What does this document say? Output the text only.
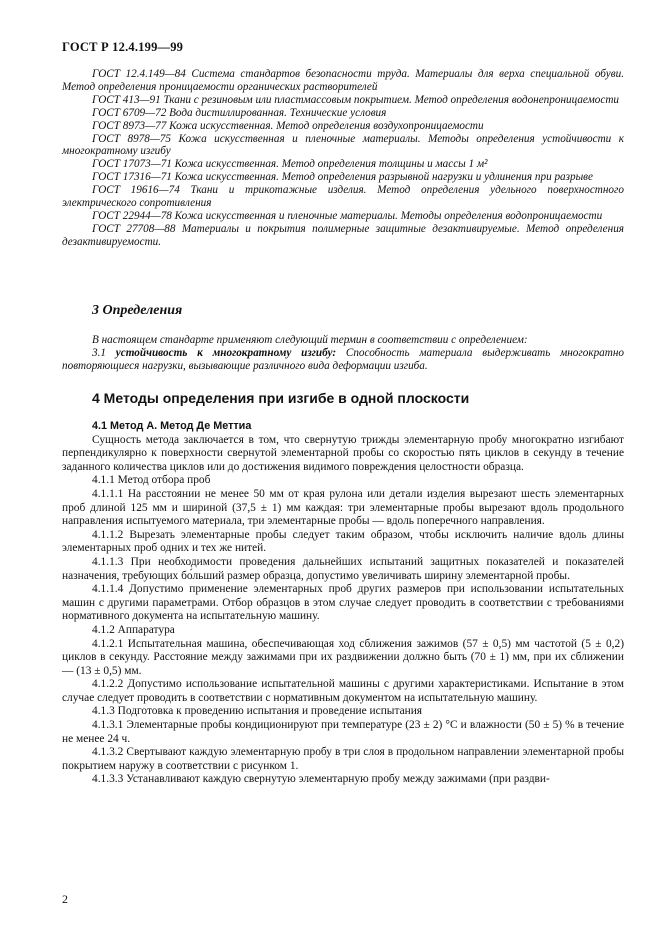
ГОСТ Р 12.4.199—99

ГОСТ 12.4.149—84 Система стандартов безопасности труда. Материалы для верха специальной обуви. Метод определения проницаемости органических растворителей

ГОСТ 413—91 Ткани с резиновым или пластмассовым покрытием. Метод определения водонепроницаемости

ГОСТ 6709—72 Вода дистиллированная. Технические условия

ГОСТ 8973—77 Кожа искусственная. Метод определения воздухопроницаемости

ГОСТ 8978—75 Кожа искусственная и пленочные материалы. Методы определения устойчивости к многократному изгибу

ГОСТ 17073—71 Кожа искусственная. Метод определения толщины и массы 1 м²

ГОСТ 17316—71 Кожа искусственная. Метод определения разрывной нагрузки и удлинения при разрыве

ГОСТ 19616—74 Ткани и трикотажные изделия. Метод определения удельного поверхностного электрического сопротивления

ГОСТ 22944—78 Кожа искусственная и пленочные материалы. Методы определения водопроницаемости

ГОСТ 27708—88 Материалы и покрытия полимерные защитные дезактивируемые. Метод определения дезактивируемости.

3 Определения

В настоящем стандарте применяют следующий термин в соответствии с определением:

3.1 устойчивость к многократному изгибу: Способность материала выдерживать многократно повторяющиеся нагрузки, вызывающие различного вида деформации изгиба.

4 Методы определения при изгибе в одной плоскости

4.1 Метод А. Метод Де Меттиа

Сущность метода заключается в том, что свернутую трижды элементарную пробу многократно изгибают перпендикулярно к поверхности свернутой элементарной пробы со скоростью пять циклов в секунду в течение заданного количества циклов или до достижения видимого повреждения целостности образца.

4.1.1 Метод отбора проб

4.1.1.1 На расстоянии не менее 50 мм от края рулона или детали изделия вырезают шесть элементарных проб длиной 125 мм и шириной (37,5 ± 1) мм каждая: три элементарные пробы вырезают вдоль продольного направления испытуемого материала, три элементарные пробы — вдоль поперечного направления.

4.1.1.2 Вырезать элементарные пробы следует таким образом, чтобы исключить наличие вдоль длины элементарных проб одних и тех же нитей.

4.1.1.3 При необходимости проведения дальнейших испытаний защитных показателей и показателей назначения, требующих бо́льший размер образца, допустимо увеличивать ширину элементарной пробы.

4.1.1.4 Допустимо применение элементарных проб других размеров при использовании испытательных машин с другими параметрами. Отбор образцов в этом случае следует проводить в соответствии с требованиями нормативного документа на испытательную машину.

4.1.2 Аппаратура

4.1.2.1 Испытательная машина, обеспечивающая ход сближения зажимов (57 ± 0,5) мм частотой (5 ± 0,2) циклов в секунду. Расстояние между зажимами при их раздвижении должно быть (70 ± 1) мм, при их сближении — (13 ± 0,5) мм.

4.1.2.2 Допустимо использование испытательной машины с другими характеристиками. Испытание в этом случае следует проводить в соответствии с нормативным документом на испытательную машину.

4.1.3 Подготовка к проведению испытания и проведение испытания

4.1.3.1 Элементарные пробы кондиционируют при температуре (23 ± 2) °С и влажности (50 ± 5) % в течение не менее 24 ч.

4.1.3.2 Свертывают каждую элементарную пробу в три слоя в продольном направлении элементарной пробы покрытием наружу в соответствии с рисунком 1.

4.1.3.3 Устанавливают каждую свернутую элементарную пробу между зажимами (при раздви-

2
